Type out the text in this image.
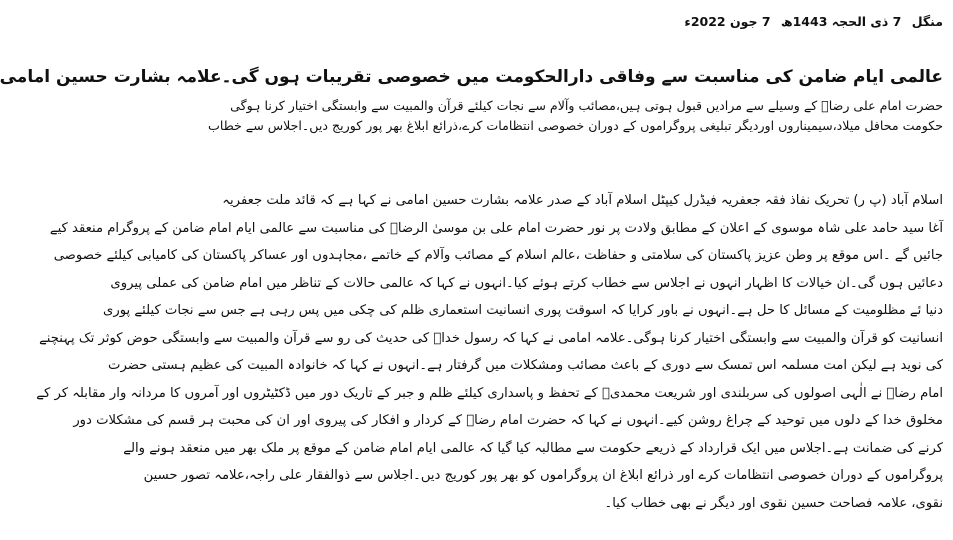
منگل 7 ذی الحجہ 1443ھ 7 جون 2022ء
عالمی ایام ضامن کی مناسبت سے وفاقی دارالحکومت میں خصوصی تقریبات ہوں گی۔علامہ بشارت حسین امامی

حضرت امام علی رضاؑ کے وسیلے سے مرادیں قبول ہوتی ہیں،مصائب وآلام سے نجات کیلئے قرآن والمبیت سے وابستگی اختیار کرنا ہوگی

حکومت محافل میلاد،سیمیناروں اوردیگر تبلیغی پروگراموں کے دوران خصوصی انتظامات کرے،ذرائع ابلاغ بھر پور کوریج دیں۔اجلاس سے خطاب

اسلام آباد (پ ر) تحریک نفاذ فقہ جعفریہ فیڈرل کیپٹل اسلام آباد کے صدر علامہ بشارت حسین امامی نے کہا ہے کہ قائد ملت جعفریہ

آغا سید حامد علی شاہ موسوی کے اعلان کے مطابق ولادت پر نور حضرت امام علی بن موسیٰ الرضاؑ کی مناسبت سے عالمی ایام امام ضامن کے پروگرام منعقد کیے

جائیں گے ۔اس موقع پر وطن عزیز پاکستان کی سلامتی و حفاظت ،عالم اسلام کے مصائب وآلام کے خاتمے ،مجاہدوں اور عساکر پاکستان کی کامیابی کیلئے خصوصی

دعائیں ہوں گی۔ان خیالات کا اظہار انہوں نے اجلاس سے خطاب کرتے ہوئے کیا۔انہوں نے کہا کہ عالمی حالات کے تناظر میں امام ضامن کی عملی پیروی

دنیا ئے مظلومیت کے مسائل کا حل ہے۔انہوں نے باور کرایا کہ اسوقت پوری انسانیت استعماری ظلم کی چکی میں پس رہی ہے جس سے نجات کیلئے پوری

انسانیت کو قرآن والمبیت سے وابستگی اختیار کرنا ہوگی۔علامہ امامی نے کہا کہ رسول خداؐ کی حدیث کی رو سے قرآن والمبیت سے وابستگی حوض کوثر تک پہنچنے

کی نوید ہے لیکن امت مسلمہ اس تمسک سے دوری کے باعث مصائب ومشکلات میں گرفتار ہے۔انہوں نے کہا کہ خانوادہ المبیت کی عظیم ہستی حضرت

امام رضاؑ نے الٰہی اصولوں کی سربلندی اور شریعت محمدیؐ کے تحفظ و پاسداری کیلئے ظلم و جبر کے تاریک دور میں ڈکٹیٹروں اور آمروں کا مردانہ وار مقابلہ کر کے

مخلوق خدا کے دلوں میں توحید کے چراغ روشن کیے۔انہوں نے کہا کہ حضرت امام رضاؑ کے کردار و افکار کی پیروی اور ان کی محبت ہر قسم کی مشکلات دور

کرنے کی ضمانت ہے۔اجلاس میں ایک قرارداد کے ذریعے حکومت سے مطالبہ کیا گیا کہ عالمی ایام امام ضامن کے موقع پر ملک بھر میں منعقد ہونے والے

پروگراموں کے دوران خصوصی انتظامات کرے اور ذرائع ابلاغ ان پروگراموں کو بھر پور کوریج دیں۔اجلاس سے ذوالفقار علی راجہ،علامہ تصور حسین

نقوی، علامہ فصاحت حسین نقوی اور دیگر نے بھی خطاب کیا۔
